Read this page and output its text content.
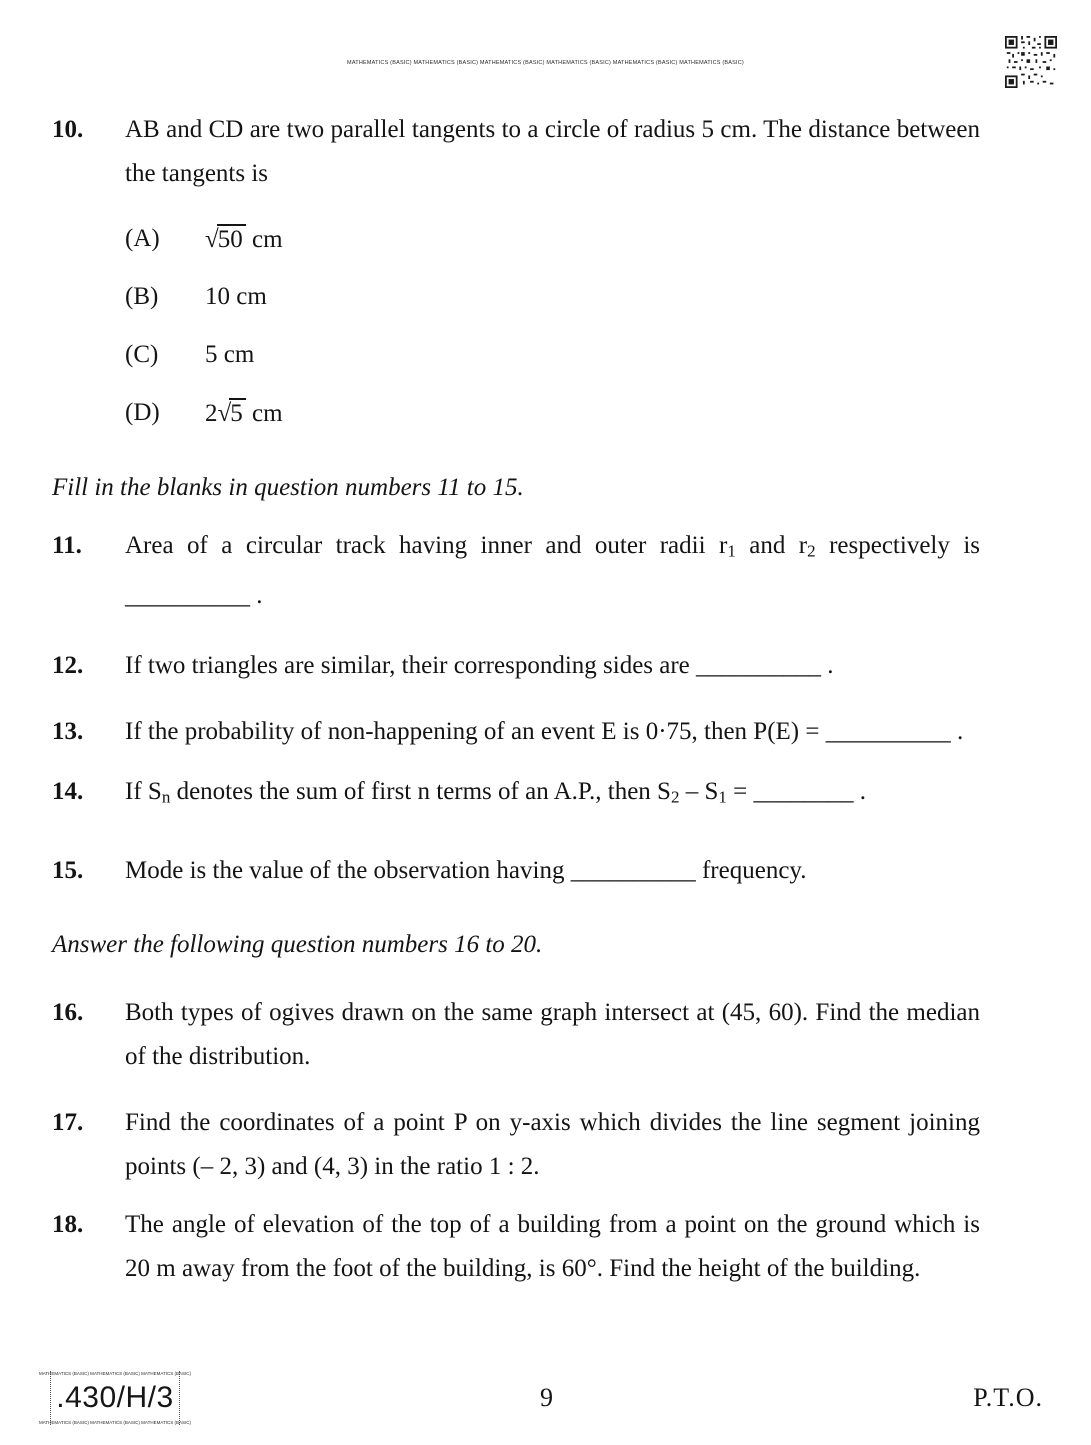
MATHEMATICS (BASIC) MATHEMATICS (BASIC) MATHEMATICS (BASIC) MATHEMATICS (BASIC) MATHEMATICS (BASIC) MATHEMATICS (BASIC)
10.	AB and CD are two parallel tangents to a circle of radius 5 cm. The distance between the tangents is
(A)	√50 cm
(B)	10 cm
(C)	5 cm
(D)	2√5 cm
Fill in the blanks in question numbers 11 to 15.
11.	Area of a circular track having inner and outer radii r1 and r2 respectively is __________ .
12.	If two triangles are similar, their corresponding sides are __________ .
13.	If the probability of non-happening of an event E is 0·75, then P(E) = __________ .
14.	If Sn denotes the sum of first n terms of an A.P., then S2 – S1 = ________ .
15.	Mode is the value of the observation having __________ frequency.
Answer the following question numbers 16 to 20.
16.	Both types of ogives drawn on the same graph intersect at (45, 60). Find the median of the distribution.
17.	Find the coordinates of a point P on y-axis which divides the line segment joining points (– 2, 3) and (4, 3) in the ratio 1 : 2.
18.	The angle of elevation of the top of a building from a point on the ground which is 20 m away from the foot of the building, is 60°. Find the height of the building.
MATHEMATICS (BASIC) MATHEMATICS (BASIC) MATHEMATICS (BASIC)
.430/H/3
MATHEMATICS (BASIC) MATHEMATICS (BASIC) MATHEMATICS (BASIC)
9	P.T.O.
